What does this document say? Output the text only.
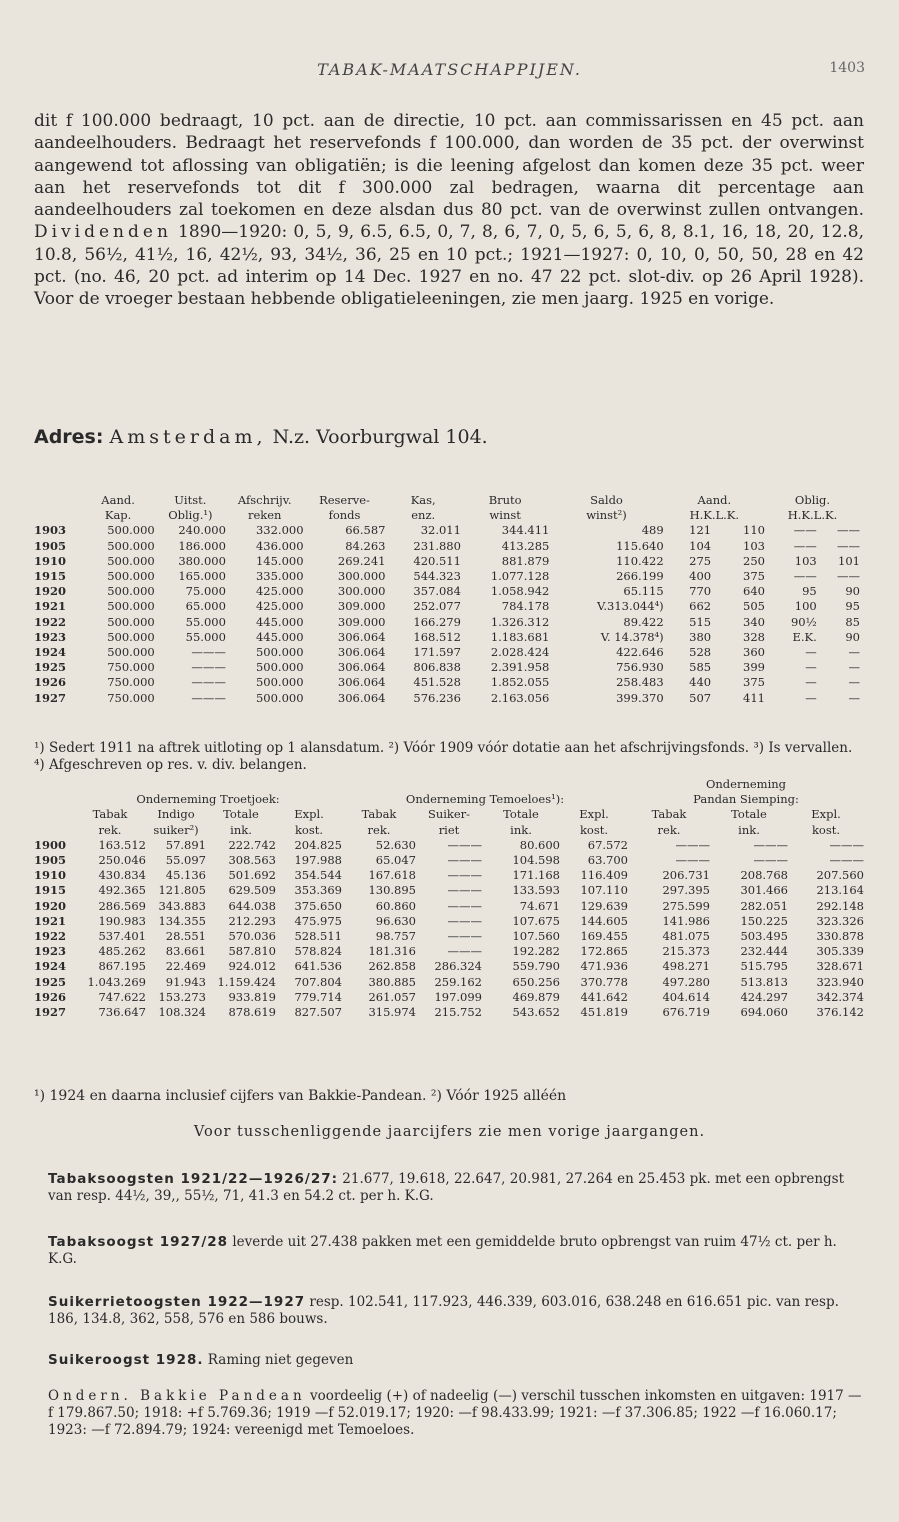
TABAK-MAATSCHAPPIJEN.	1403

dit f 100.000 bedraagt, 10 pct. aan de directie, 10 pct. aan commissarissen en 45 pct. aan aandeelhouders. Bedraagt het reservefonds f 100.000, dan worden de 35 pct. der overwinst aangewend tot aflossing van obligatiën; is die leening afgelost dan komen deze 35 pct. weer aan het reservefonds tot dit f 300.000 zal bedragen, waarna dit percentage aan aandeelhouders zal toekomen en deze alsdan dus 80 pct. van de overwinst zullen ontvangen. Dividenden 1890—1920: 0, 5, 9, 6.5, 6.5, 0, 7, 8, 6, 7, 0, 5, 6, 5, 6, 8, 8.1, 16, 18, 20, 12.8, 10.8, 56½, 41½, 16, 42½, 93, 34½, 36, 25 en 10 pct.; 1921—1927: 0, 10, 0, 50, 50, 28 en 42 pct. (no. 46, 20 pct. ad interim op 14 Dec. 1927 en no. 47 22 pct. slot-div. op 26 April 1928). Voor de vroeger bestaan hebbende obligatieleeningen, zie men jaarg. 1925 en vorige.

Adres: Amsterdam, N.z. Voorburgwal 104.
	Aand.	Uitst.	Afschrijv.	Reserve-	Kas,	Bruto	Saldo	Aand.		Oblig.	
	Kap.	Oblig.¹)	reken	fonds	enz.	winst	winst²)	H.K.L.K.		H.K.L.K.	
1903	500.000	240.000	332.000	66.587	32.011	344.411	489	121	110	——	——
1905	500.000	186.000	436.000	84.263	231.880	413.285	115.640	104	103	——	——
1910	500.000	380.000	145.000	269.241	420.511	881.879	110.422	275	250	103	101
1915	500.000	165.000	335.000	300.000	544.323	1.077.128	266.199	400	375	——	——
1920	500.000	75.000	425.000	300.000	357.084	1.058.942	65.115	770	640	95	90
1921	500.000	65.000	425.000	309.000	252.077	784.178	V.313.044⁴)	662	505	100	95
1922	500.000	55.000	445.000	309.000	166.279	1.326.312	89.422	515	340	90½	85
1923	500.000	55.000	445.000	306.064	168.512	1.183.681	V. 14.378⁴)	380	328	E.K.	90
1924	500.000	———	500.000	306.064	171.597	2.028.424	422.646	528	360	—	—
1925	750.000	———	500.000	306.064	806.838	2.391.958	756.930	585	399	—	—
1926	750.000	———	500.000	306.064	451.528	1.852.055	258.483	440	375	—	—
1927	750.000	———	500.000	306.064	576.236	2.163.056	399.370	507	411	—	—

¹) Sedert 1911 na aftrek uitloting op 1 alansdatum. ²) Vóór 1909 vóór dotatie aan het afschrijvingsfonds. ³) Is vervallen. ⁴) Afgeschreven op res. v. div. belangen.

									Onderneming		
	Onderneming Troetjoek:				Onderneming Temoeloes¹):				Pandan Siemping:		
	Tabak	Indigo	Totale	Expl.	Tabak	Suiker-	Totale	Expl.	Tabak	Totale	Expl.
	rek.	suiker²)	ink.	kost.	rek.	riet	ink.	kost.	rek.	ink.	kost.
1900	163.512	57.891	222.742	204.825	52.630	———	80.600	67.572	———	———	———
1905	250.046	55.097	308.563	197.988	65.047	———	104.598	63.700	———	———	———
1910	430.834	45.136	501.692	354.544	167.618	———	171.168	116.409	206.731	208.768	207.560
1915	492.365	121.805	629.509	353.369	130.895	———	133.593	107.110	297.395	301.466	213.164
1920	286.569	343.883	644.038	375.650	60.860	———	74.671	129.639	275.599	282.051	292.148
1921	190.983	134.355	212.293	475.975	96.630	———	107.675	144.605	141.986	150.225	323.326
1922	537.401	28.551	570.036	528.511	98.757	———	107.560	169.455	481.075	503.495	330.878
1923	485.262	83.661	587.810	578.824	181.316	———	192.282	172.865	215.373	232.444	305.339
1924	867.195	22.469	924.012	641.536	262.858	286.324	559.790	471.936	498.271	515.795	328.671
1925	1.043.269	91.943	1.159.424	707.804	380.885	259.162	650.256	370.778	497.280	513.813	323.940
1926	747.622	153.273	933.819	779.714	261.057	197.099	469.879	441.642	404.614	424.297	342.374
1927	736.647	108.324	878.619	827.507	315.974	215.752	543.652	451.819	676.719	694.060	376.142

¹) 1924 en daarna inclusief cijfers van Bakkie-Pandean. ²) Vóór 1925 alléén

Voor tusschenliggende jaarcijfers zie men vorige jaargangen.

Tabaksoogsten 1921/22—1926/27: 21.677, 19.618, 22.647, 20.981, 27.264 en 25.453 pk. met een opbrengst van resp. 44½, 39,, 55½, 71, 41.3 en 54.2 ct. per h. K.G.

Tabaksoogst 1927/28 leverde uit 27.438 pakken met een gemiddelde bruto opbrengst van ruim 47½ ct. per h. K.G.

Suikerrietoogsten 1922—1927 resp. 102.541, 117.923, 446.339, 603.016, 638.248 en 616.651 pic. van resp. 186, 134.8, 362, 558, 576 en 586 bouws.

Suikeroogst 1928. Raming niet gegeven

Ondern. Bakkie Pandean voordeelig (+) of nadeelig (—) verschil tusschen inkomsten en uitgaven: 1917 —f 179.867.50; 1918: +f 5.769.36; 1919 —f 52.019.17; 1920: —f 98.433.99; 1921: —f 37.306.85; 1922 —f 16.060.17; 1923: —f 72.894.79; 1924: vereenigd met Temoeloes.
